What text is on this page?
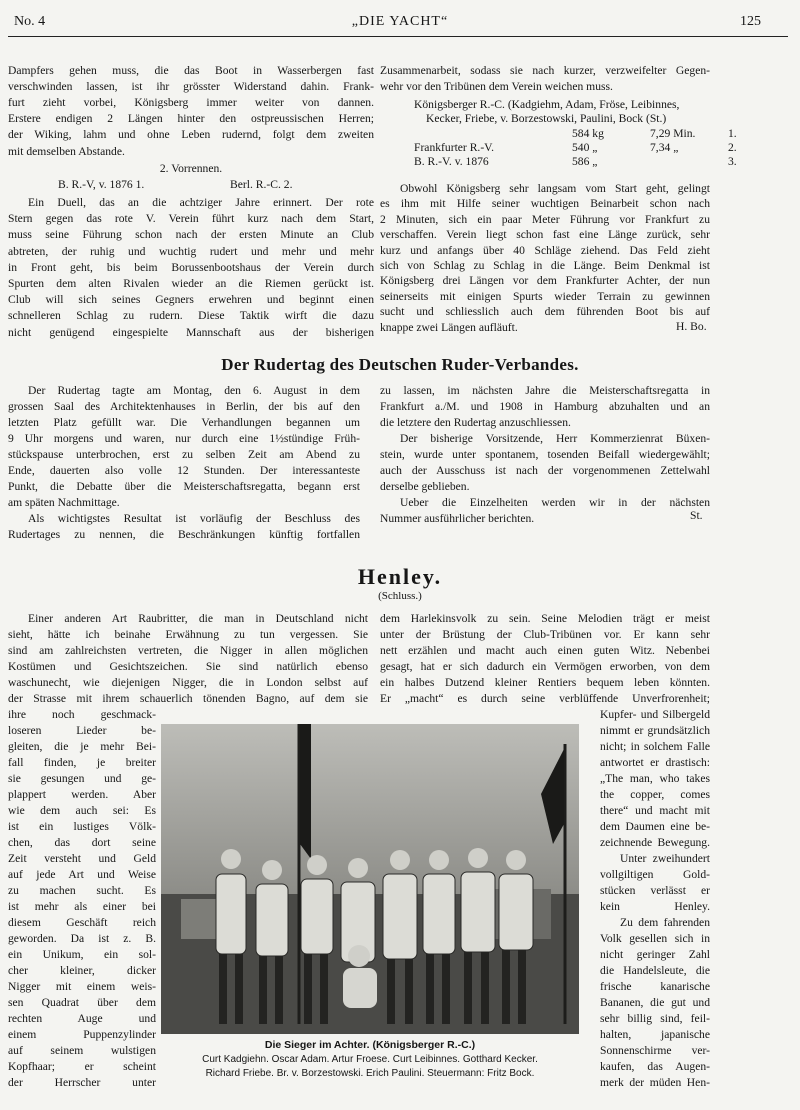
No. 4	„DIE YACHT“	125
Dampfers gehen muss, die das Boot in Wasserbergen fast
verschwinden lassen, ist ihr grösster Widerstand dahin. Frank-
furt zieht vorbei, Königsberg immer weiter von dannen.
Erstere endigen 2 Längen hinter den ostpreussischen Herren;
der Wiking, lahm und ohne Leben rudernd, folgt dem zweiten
mit demselben Abstande.
2. Vorrennen.
B. R.-V, v. 1876 1.	Berl. R.-C. 2.
Ein Duell, das an die achtziger Jahre erinnert. Der rote
Stern gegen das rote V. Verein führt kurz nach dem Start,
muss seine Führung schon nach der ersten Minute an Club
abtreten, der ruhig und wuchtig rudert und mehr und mehr
in Front geht, bis beim Borussenbootshaus der Verein durch
Spurten dem alten Rivalen wieder an die Riemen gerückt ist.
Club will sich seines Gegners erwehren und beginnt einen
schnelleren Schlag zu rudern. Diese Taktik wirft die dazu
nicht genügend eingespielte Mannschaft aus der bisherigen
Zusammenarbeit, sodass sie nach kurzer, verzweifelter Gegen-
wehr vor den Tribünen dem Verein weichen muss.
Königsberger R.-C. (Kadgiehm, Adam, Fröse, Leibinnes,
Kecker, Friebe, v. Borzestowski, Paulini, Bock (St.)
	584 kg	7,29 Min.	1.
Frankfurter R.-V.	540 „	7,34 „	2.
B. R.-V. v. 1876	586 „		3.
Obwohl Königsberg sehr langsam vom Start geht, gelingt
es ihm mit Hilfe seiner wuchtigen Beinarbeit schon nach
2 Minuten, sich ein paar Meter Führung vor Frankfurt zu
verschaffen. Verein liegt schon fast eine Länge zurück, sehr
kurz und anfangs über 40 Schläge ziehend. Das Feld zieht
sich von Schlag zu Schlag in die Länge. Beim Denkmal ist
Königsberg drei Längen vor dem Frankfurter Achter, der nun
seinerseits mit einigen Spurts wieder Terrain zu gewinnen
sucht und schliesslich auch dem führenden Boot bis auf
knappe zwei Längen aufläuft.	H. Bo.
Der Rudertag des Deutschen Ruder-Verbandes.
Der Rudertag tagte am Montag, den 6. August in dem
grossen Saal des Architektenhauses in Berlin, der bis auf den
letzten Platz gefüllt war. Die Verhandlungen begannen um
9 Uhr morgens und waren, nur durch eine 1½stündige Früh-
stückspause unterbrochen, erst zu selben Zeit am Abend zu
Ende, dauerten also volle 12 Stunden. Der interessanteste
Punkt, die Debatte über die Meisterschaftsregatta, begann erst
am späten Nachmittage.
Als wichtigstes Resultat ist vorläufig der Beschluss des
Rudertages zu nennen, die Beschränkungen künftig fortfallen
zu lassen, im nächsten Jahre die Meisterschaftsregatta in
Frankfurt a./M. und 1908 in Hamburg abzuhalten und an
die letztere den Rudertag anzuschliessen.
Der bisherige Vorsitzende, Herr Kommerzienrat Büxen-
stein, wurde unter spontanem, tosenden Beifall wiedergewählt;
auch der Ausschuss ist nach der vorgenommenen Zettelwahl
derselbe geblieben.
Ueber die Einzelheiten werden wir in der nächsten
Nummer ausführlicher berichten.	St.
Henley.
(Schluss.)
Einer anderen Art Raubritter, die man in Deutschland nicht
sieht, hätte ich beinahe Erwähnung zu tun vergessen. Sie
sind am zahlreichsten vertreten, die Nigger in allen möglichen
Kostümen und Gesichtszeichen. Sie sind natürlich ebenso
waschunecht, wie diejenigen Nigger, die in London selbst auf
der Strasse mit ihrem schauerlich tönenden Bagno, auf dem sie
ihre noch geschmack-
loseren Lieder be-
gleiten, die je mehr Bei-
fall finden, je breiter
sie gesungen und ge-
plappert werden. Aber
wie dem auch sei: Es
ist ein lustiges Völk-
chen, das dort seine
Zeit versteht und Geld
auf jede Art und Weise
zu machen sucht. Es
ist mehr als einer bei
diesem Geschäft reich
geworden. Da ist z. B.
ein Unikum, ein sol-
cher kleiner, dicker
Nigger mit einem weis-
sen Quadrat über dem
rechten Auge und
einem Puppenzylinder
auf seinem wulstigen
Kopfhaar; er scheint
der Herrscher unter
dem Harlekinsvolk zu sein. Seine Melodien trägt er meist
unter der Brüstung der Club-Tribünen vor. Er kann sehr
nett erzählen und macht auch einen guten Witz. Nebenbei
gesagt, hat er sich dadurch ein Vermögen erworben, von dem
ein halbes Dutzend kleiner Rentiers bequem leben könnten.
Er „macht“ es durch seine verblüffende Unverfrorenheit;
Kupfer- und Silbergeld
nimmt er grundsätzlich
nicht; in solchem Falle
antwortet er drastisch:
„The man, who takes
the copper, comes
there“ und macht mit
dem Daumen eine be-
zeichnende Bewegung.
Unter zweihundert
vollgiltigen Gold-
stücken verlässt er
kein Henley.
Zu dem fahrenden
Volk gesellen sich in
nicht geringer Zahl
die Handelsleute, die
frische kanarische
Bananen, die gut und
sehr billig sind, feil-
halten, japanische
Sonnenschirme ver-
kaufen, das Augen-
merk der müden Hen-
Die Sieger im Achter. (Königsberger R.-C.)
Curt Kadgiehn. Oscar Adam. Artur Froese. Curt Leibinnes. Gotthard Kecker.
Richard Friebe. Br. v. Borzestowski. Erich Paulini. Steuermann: Fritz Bock.
